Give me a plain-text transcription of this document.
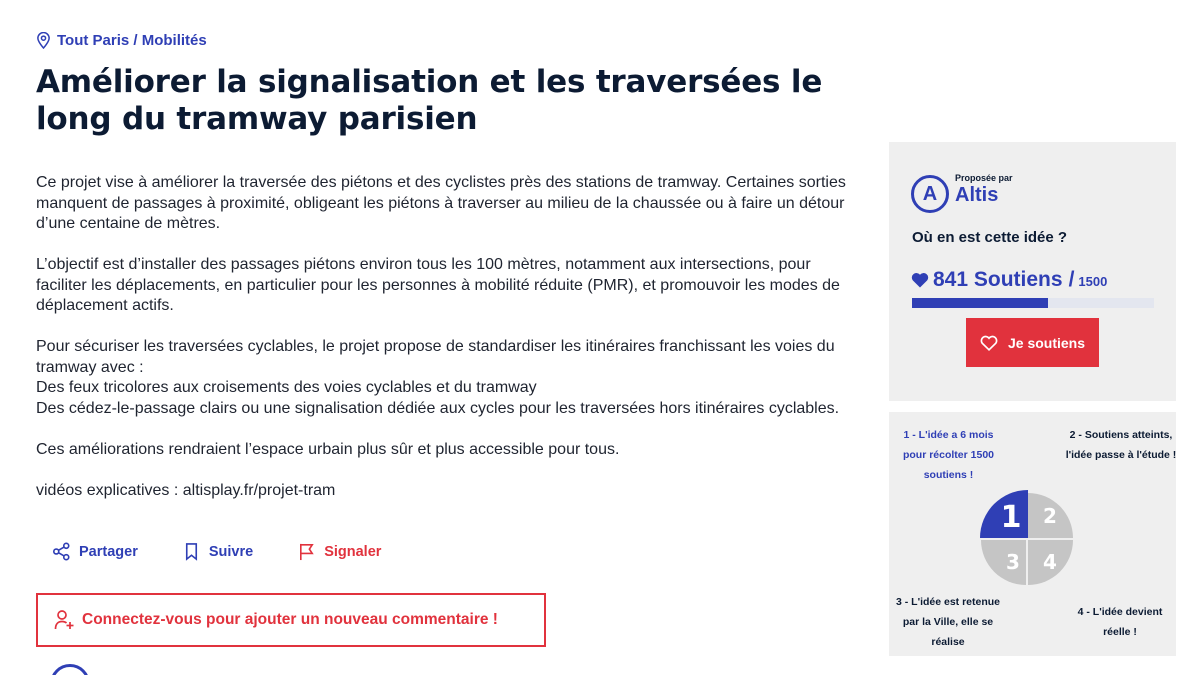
Tout Paris / Mobilités
Améliorer la signalisation et les traversées le long du tramway parisien

Ce projet vise à améliorer la traversée des piétons et des cyclistes près des stations de tramway. Certaines sorties manquent de passages à proximité, obligeant les piétons à traverser au milieu de la chaussée ou à faire un détour d’une centaine de mètres.

L’objectif est d’installer des passages piétons environ tous les 100 mètres, notamment aux intersections, pour faciliter les déplacements, en particulier pour les personnes à mobilité réduite (PMR), et promouvoir les modes de déplacement actifs.

Pour sécuriser les traversées cyclables, le projet propose de standardiser les itinéraires franchissant les voies du tramway avec :

Des feux tricolores aux croisements des voies cyclables et du tramway

Des cédez-le-passage clairs ou une signalisation dédiée aux cycles pour les traversées hors itinéraires cyclables.

Ces améliorations rendraient l’espace urbain plus sûr et plus accessible pour tous.

vidéos explicatives : altisplay.fr/projet-tram

Partager	Suivre	Signaler
Connectez-vous pour ajouter un nouveau commentaire !
A
Proposée par
Altis
Où en est cette idée ?
841 Soutiens / 1500
Je soutiens
1 - L'idée a 6 mois pour récolter 1500 soutiens !
2 - Soutiens atteints, l'idée passe à l'étude !
3 - L'idée est retenue par la Ville, elle se réalise
4 - L'idée devient réelle !
1 2
3 4
